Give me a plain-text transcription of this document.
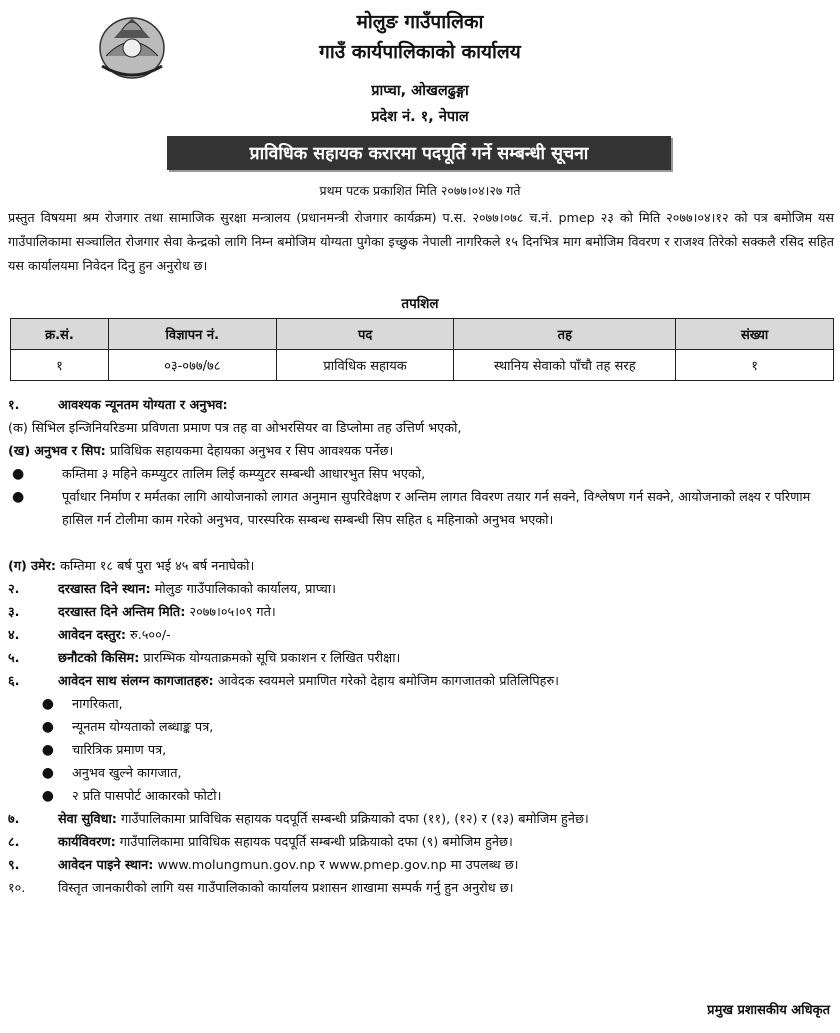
मोलुङ गाउँपालिका
गाउँ कार्यपालिकाको कार्यालय
प्राप्चा, ओखलढुङ्गा
प्रदेश नं. १, नेपाल
प्राविधिक सहायक करारमा पदपूर्ति गर्ने सम्बन्धी सूचना
प्रथम पटक प्रकाशित मिति २०७७।०४।२७ गते
प्रस्तुत विषयमा श्रम रोजगार तथा सामाजिक सुरक्षा मन्त्रालय (प्रधानमन्त्री रोजगार कार्यक्रम) प.स. २०७७।०७८ च.नं. pmep २३ को मिति २०७७।०४।१२ को पत्र बमोजिम यस गाउँपालिकामा सञ्चालित रोजगार सेवा केन्द्रको लागि निम्न बमोजिम योग्यता पुगेका इच्छुक नेपाली नागरिकले १५ दिनभित्र माग बमोजिम विवरण र राजश्व तिरेको सक्कलै रसिद सहित यस कार्यालयमा निवेदन दिनु हुन अनुरोध छ।
तपशिल
क्र.सं.	विज्ञापन नं.	पद	तह	संख्या
१	०३-०७७/७८	प्राविधिक सहायक	स्थानिय सेवाको पाँचौ तह सरह	१
१.	आवश्यक न्यूनतम योग्यता र अनुभव:
(क) सिभिल इन्जिनियरिङमा प्रविणता प्रमाण पत्र तह वा ओभरसियर वा डिप्लोमा तह उत्तिर्ण भएको,
(ख) अनुभव र सिप: प्राविधिक सहायकमा देहायका अनुभव र सिप आवश्यक पर्नेछ।
●	कम्तिमा ३ महिने कम्प्युटर तालिम लिई कम्प्युटर सम्बन्धी आधारभुत सिप भएको,
●	पूर्वाधार निर्माण र मर्मतका लागि आयोजनाको लागत अनुमान सुपरिवेक्षण र अन्तिम लागत विवरण तयार गर्न सक्ने, विश्लेषण गर्न सक्ने, आयोजनाको लक्ष्य र परिणाम हासिल गर्न टोलीमा काम गरेको अनुभव, पारस्परिक सम्बन्ध सम्बन्धी सिप सहित ६ महिनाको अनुभव भएको।
(ग) उमेर: कम्तिमा १८ बर्ष पुरा भई ४५ बर्ष ननाघेको।
२.	दरखास्त दिने स्थान: मोलुङ गाउँपालिकाको कार्यालय, प्राप्चा।
३.	दरखास्त दिने अन्तिम मिति: २०७७।०५।०९ गते।
४.	आवेदन दस्तुर: रु.५००/-
५.	छनौटको किसिम: प्रारम्भिक योग्यताक्रमको सूचि प्रकाशन र लिखित परीक्षा।
६.	आवेदन साथ संलग्न कागजातहरु: आवेदक स्वयमले प्रमाणित गरेको देहाय बमोजिम कागजातको प्रतिलिपिहरु।
●	नागरिकता,
●	न्यूनतम योग्यताको लब्धाङ्क पत्र,
●	चारित्रिक प्रमाण पत्र,
●	अनुभव खुल्ने कागजात,
●	२ प्रति पासपोर्ट आकारको फोटो।
७.	सेवा सुविधा: गाउँपालिकामा प्राविधिक सहायक पदपूर्ति सम्बन्धी प्रक्रियाको दफा (११), (१२) र (१३) बमोजिम हुनेछ।
८.	कार्यविवरण: गाउँपालिकामा प्राविधिक सहायक पदपूर्ति सम्बन्धी प्रक्रियाको दफा (९) बमोजिम हुनेछ।
९.	आवेदन पाइने स्थान: www.molungmun.gov.np र www.pmep.gov.np मा उपलब्ध छ।
१०.	विस्तृत जानकारीको लागि यस गाउँपालिकाको कार्यालय प्रशासन शाखामा सम्पर्क गर्नु हुन अनुरोध छ।
प्रमुख प्रशासकीय अधिकृत
